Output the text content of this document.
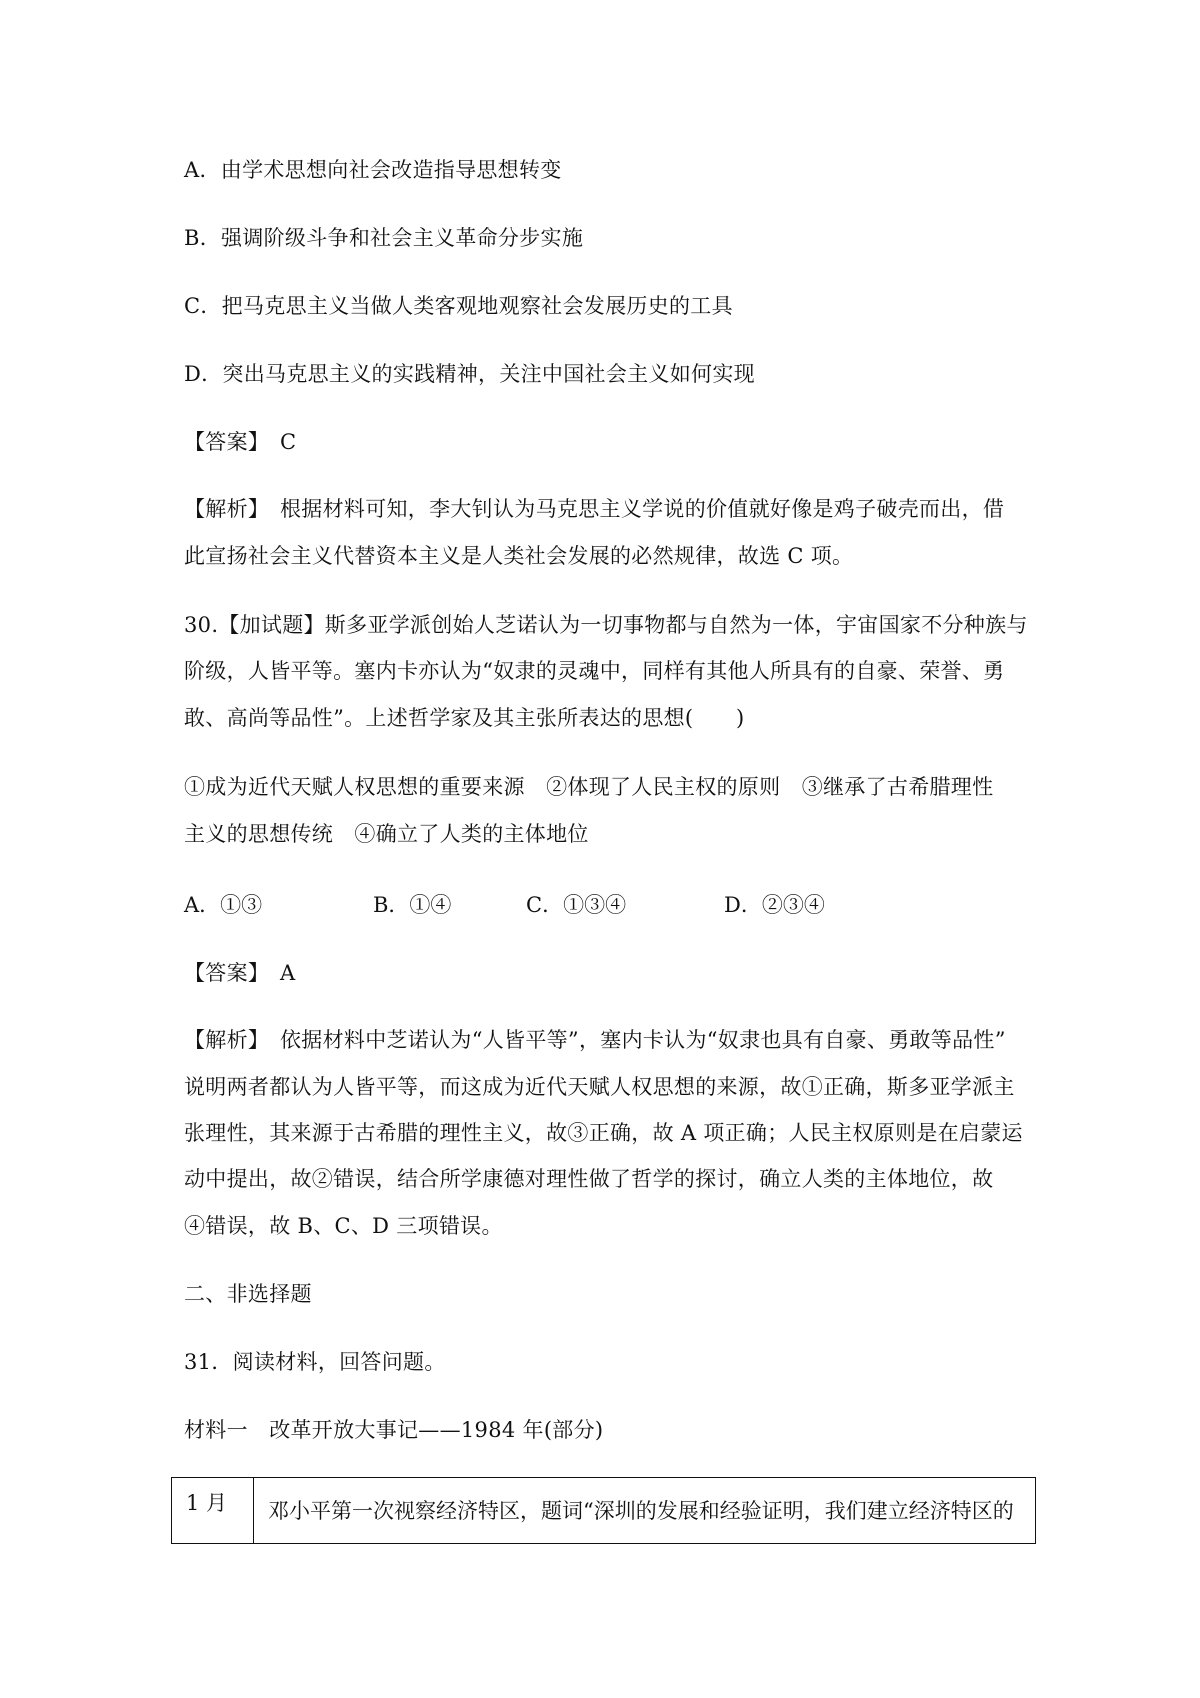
A．由学术思想向社会改造指导思想转变
B．强调阶级斗争和社会主义革命分步实施
C．把马克思主义当做人类客观地观察社会发展历史的工具
D．突出马克思主义的实践精神，关注中国社会主义如何实现
【答案】　C
【解析】　根据材料可知，李大钊认为马克思主义学说的价值就好像是鸡子破壳而出，借
此宣扬社会主义代替资本主义是人类社会发展的必然规律，故选 C 项。
30.【加试题】斯多亚学派创始人芝诺认为一切事物都与自然为一体，宇宙国家不分种族与
阶级，人皆平等。塞内卡亦认为“奴隶的灵魂中，同样有其他人所具有的自豪、荣誉、勇
敢、高尚等品性”。上述哲学家及其主张所表达的思想(　　)
①成为近代天赋人权思想的重要来源　②体现了人民主权的原则　③继承了古希腊理性
主义的思想传统　④确立了人类的主体地位
A．①③	B．①④	C．①③④	D．②③④
【答案】　A
【解析】　依据材料中芝诺认为“人皆平等”，塞内卡认为“奴隶也具有自豪、勇敢等品性”
说明两者都认为人皆平等，而这成为近代天赋人权思想的来源，故①正确，斯多亚学派主
张理性，其来源于古希腊的理性主义，故③正确，故 A 项正确；人民主权原则是在启蒙运
动中提出，故②错误，结合所学康德对理性做了哲学的探讨，确立人类的主体地位，故
④错误，故 B、C、D 三项错误。
二、非选择题
31．阅读材料，回答问题。
材料一　改革开放大事记——1984 年(部分)
1 月	邓小平第一次视察经济特区，题词“深圳的发展和经验证明，我们建立经济特区的
